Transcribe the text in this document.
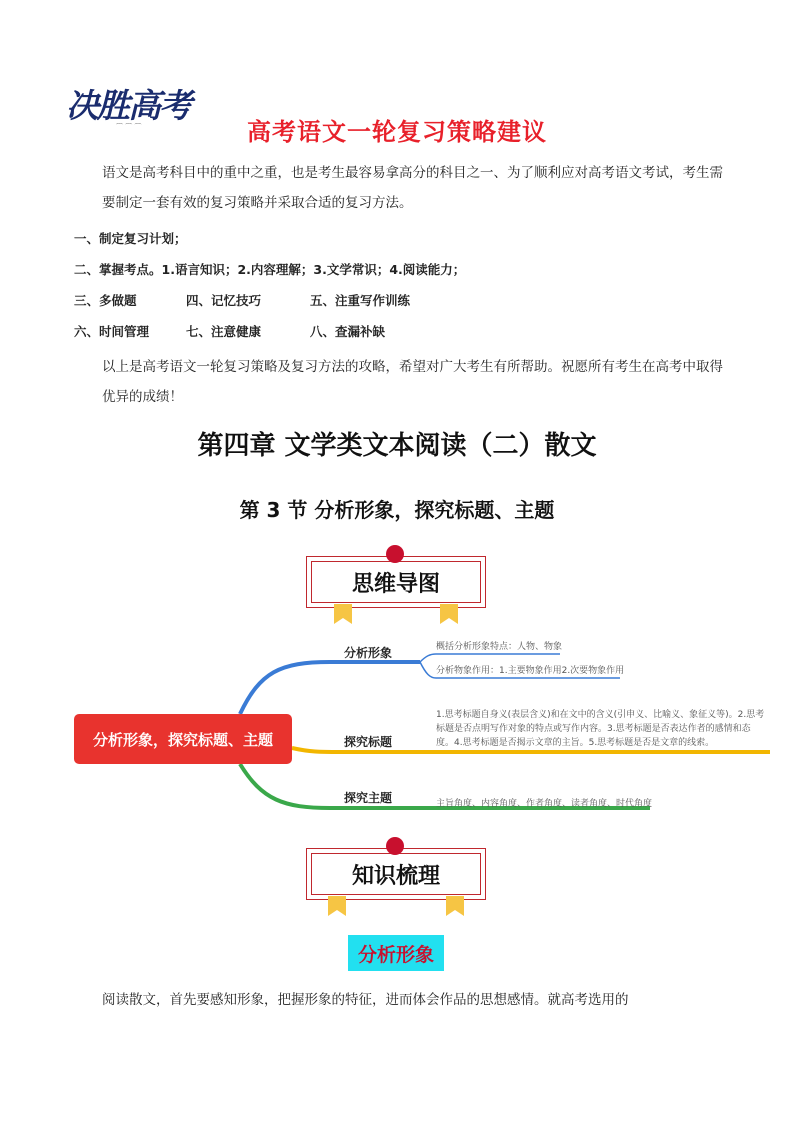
决胜高考
⌒ ⌒ ⌒	高考语文一轮复习策略建议
语文是高考科目中的重中之重，也是考生最容易拿高分的科目之一、为了顺利应对高考语文考试，考生需要制定一套有效的复习策略并采取合适的复习方法。
一、制定复习计划；
二、掌握考点。1.语言知识；2.内容理解；3.文学常识；4.阅读能力；
三、多做题	四、记忆技巧	五、注重写作训练
六、时间管理	七、注意健康	八、查漏补缺
以上是高考语文一轮复习策略及复习方法的攻略，希望对广大考生有所帮助。祝愿所有考生在高考中取得优异的成绩！
第四章 文学类文本阅读（二）散文
第 3 节 分析形象，探究标题、主题
思维导图
分析形象，探究标题、主题
分析形象	概括分析形象特点：人物、物象
分析物象作用：1.主要物象作用2.次要物象作用
探究标题
1.思考标题自身义(表层含义)和在文中的含义(引申义、比喻义、象征义等)。2.思考标题是否点明写作对象的特点或写作内容。3.思考标题是否表达作者的感情和态度。4.思考标题是否揭示文章的主旨。5.思考标题是否是文章的线索。
探究主题	主旨角度、内容角度、作者角度、读者角度、时代角度
知识梳理
分析形象
阅读散文，首先要感知形象，把握形象的特征，进而体会作品的思想感情。就高考选用的
